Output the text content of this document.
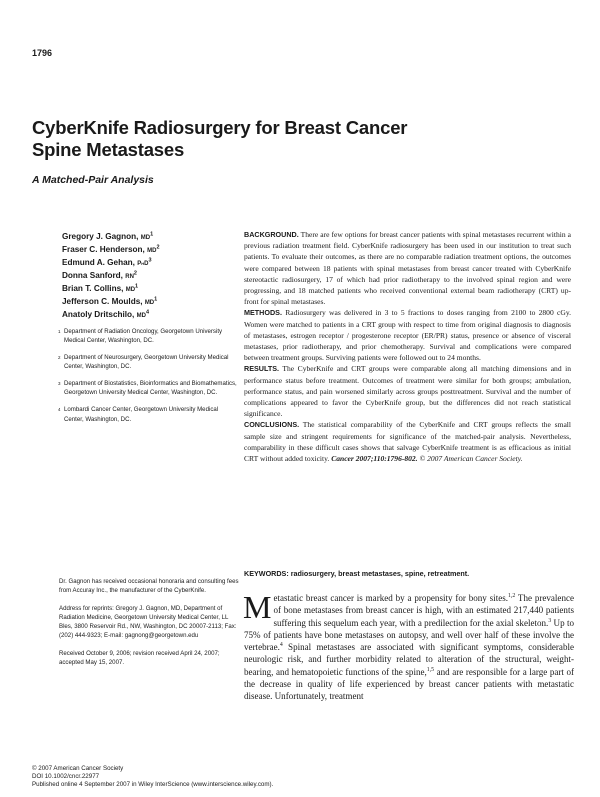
1796
CyberKnife Radiosurgery for Breast Cancer
Spine Metastases
A Matched-Pair Analysis
Gregory J. Gagnon, $MD^1$
Fraser C. Henderson, $MD^2$
Edmund A. Gehan, PhD$^3$
Donna Sanford, $RN^2$
Brian T. Collins, $MD^1$
Jefferson C. Moulds, $MD^1$
Anatoly Dritschilo, $MD^4$
1 Department of Radiation Oncology, Georgetown University Medical Center, Washington, DC.
2 Department of Neurosurgery, Georgetown University Medical Center, Washington, DC.
3 Department of Biostatistics, Bioinformatics and Biomathematics, Georgetown University Medical Center, Washington, DC.
4 Lombardi Cancer Center, Georgetown University Medical Center, Washington, DC.

Dr. Gagnon has received occasional honoraria and consulting fees from Accuray Inc., the manufacturer of the CyberKnife.

Address for reprints: Gregory J. Gagnon, MD, Department of Radiation Medicine, Georgetown University Medical Center, LL Bles, 3800 Reservoir Rd., NW, Washington, DC 20007-2113; Fax: (202) 444-9323; E-mail: gagnong@georgetown.edu

Received October 9, 2006; revision received April 24, 2007; accepted May 15, 2007.

BACKGROUND. There are few options for breast cancer patients with spinal metastases recurrent within a previous radiation treatment field. CyberKnife radiosurgery has been used in our institution to treat such patients. To evaluate their outcomes, as there are no comparable radiation treatment options, the outcomes were compared between 18 patients with spinal metastases from breast cancer treated with CyberKnife stereotactic radiosurgery, 17 of which had prior radiotherapy to the involved spinal region and were progressing, and 18 matched patients who received conventional external beam radiotherapy (CRT) up-front for spinal metastases.

METHODS. Radiosurgery was delivered in 3 to 5 fractions to doses ranging from 2100 to 2800 cGy. Women were matched to patients in a CRT group with respect to time from original diagnosis to diagnosis of metastases, estrogen receptor / progesterone receptor (ER/PR) status, presence or absence of visceral metastases, prior radiotherapy, and prior chemotherapy. Survival and complications were compared between treatment groups. Surviving patients were followed out to 24 months.

RESULTS. The CyberKnife and CRT groups were comparable along all matching dimensions and in performance status before treatment. Outcomes of treatment were similar for both groups; ambulation, performance status, and pain worsened similarly across groups posttreatment. Survival and the number of complications appeared to favor the CyberKnife group, but the differences did not reach statistical significance.

CONCLUSIONS. The statistical comparability of the CyberKnife and CRT groups reflects the small sample size and stringent requirements for significance of the matched-pair analysis. Nevertheless, comparability in these difficult cases shows that salvage CyberKnife treatment is as efficacious as initial CRT without added toxicity. Cancer 2007;110:1796-802. © 2007 American Cancer Society.

KEYWORDS: radiosurgery, breast metastases, spine, retreatment.

Metastatic breast cancer is marked by a propensity for bony sites.$^{1,2}$ The prevalence of bone metastases from breast cancer is high, with an estimated 217,440 patients suffering this sequelum each year, with a predilection for the axial skeleton.$^3$ Up to 75% of patients have bone metastases on autopsy, and well over half of these involve the vertebrae.$^4$ Spinal metastases are associated with significant symptoms, considerable neurologic risk, and further morbidity related to alteration of the structural, weight-bearing, and hematopoietic functions of the spine,$^{1,5}$ and are responsible for a large part of the decrease in quality of life experienced by breast cancer patients with metastatic disease. Unfortunately, treatment

© 2007 American Cancer Society
DOI 10.1002/cncr.22977
Published online 4 September 2007 in Wiley InterScience (www.interscience.wiley.com).
